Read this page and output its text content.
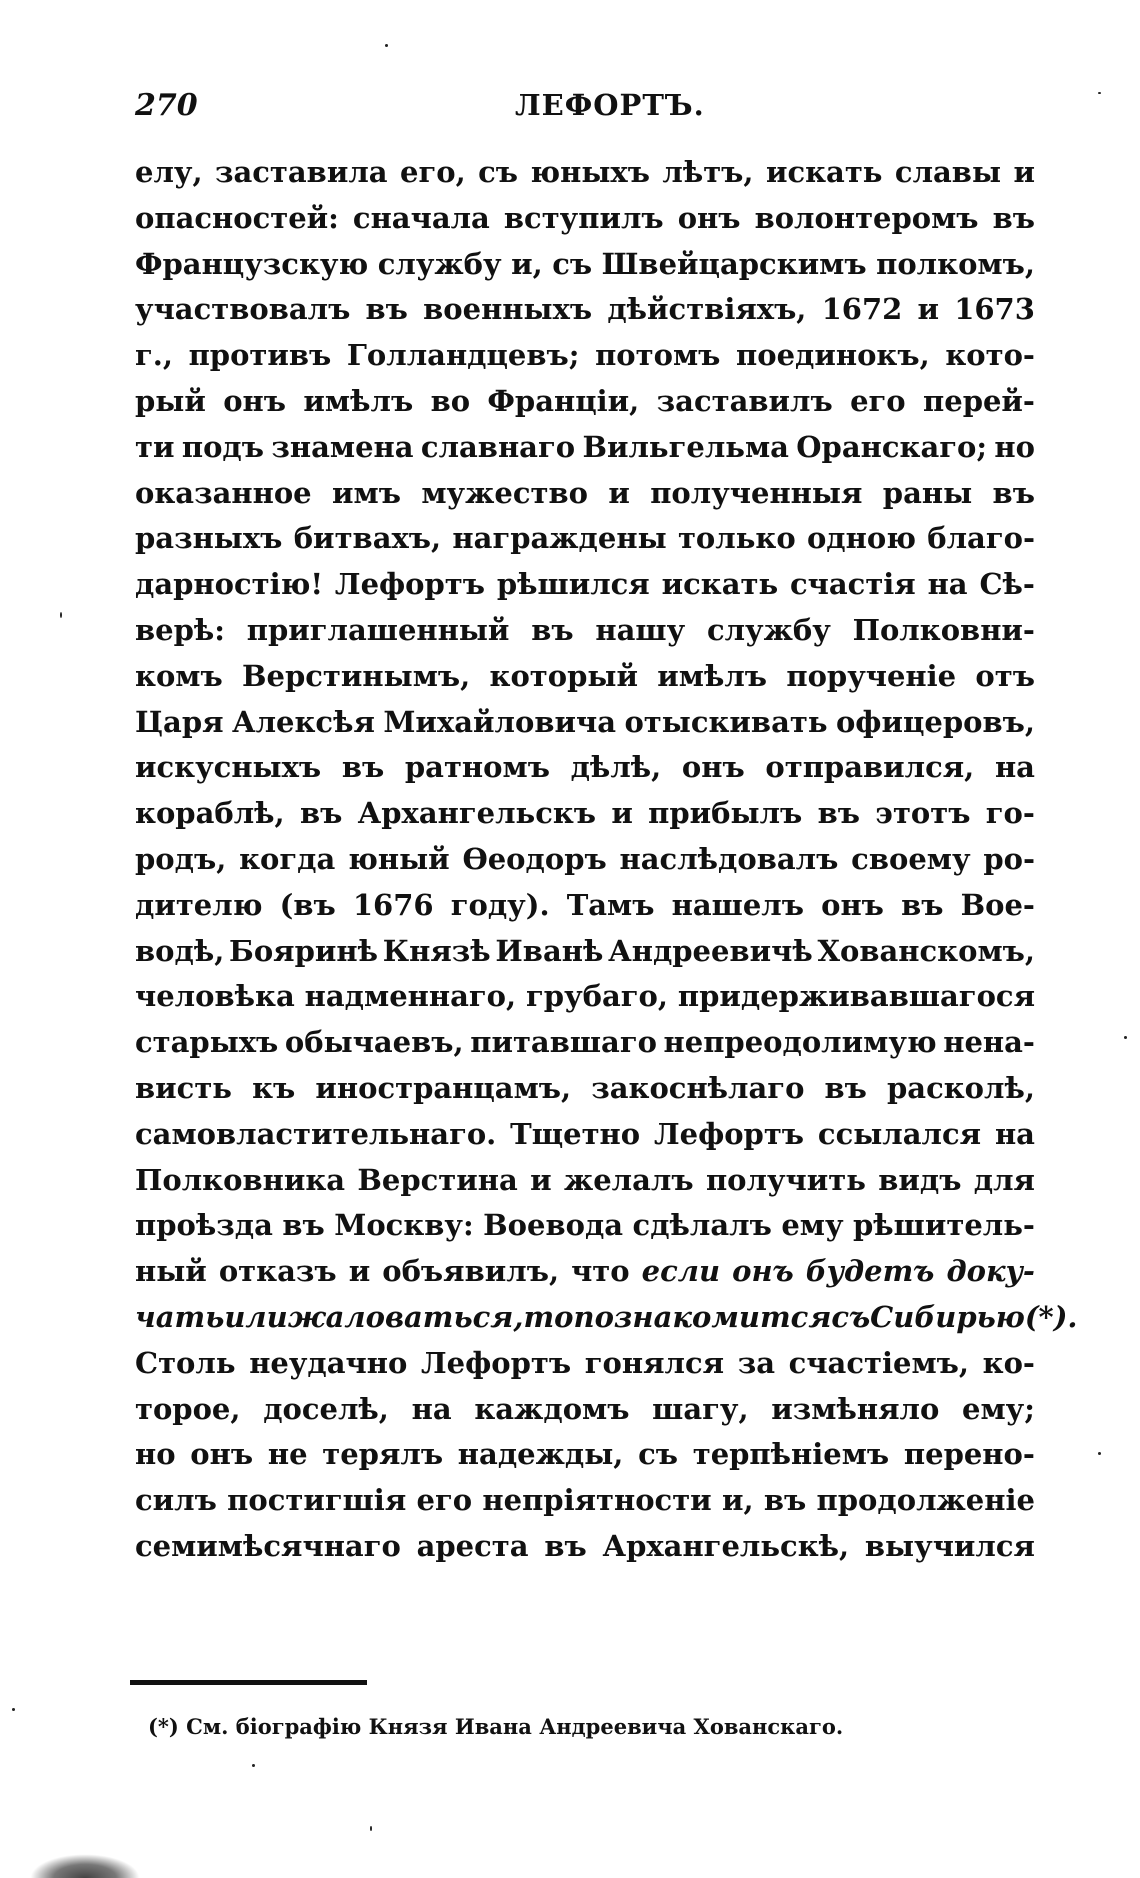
270	ЛЕФОРТЪ.
елу, заставила его, съ юныхъ лѣтъ, искать славы и
опасностей: сначала вступилъ онъ волонтеромъ въ
Французскую службу и, съ Швейцарскимъ полкомъ,
участвовалъ въ военныхъ дѣйствіяхъ, 1672 и 1673
г., противъ Голландцевъ; потомъ поединокъ, кото-
рый онъ имѣлъ во Франціи, заставилъ его перей-
ти подъ знамена славнаго Вильгельма Оранскаго; но
оказанное имъ мужество и полученныя раны въ
разныхъ битвахъ, награждены только одною благо-
дарностію! Лефортъ рѣшился искать счастія на Сѣ-
верѣ: приглашенный въ нашу службу Полковни-
комъ Верстинымъ, который имѣлъ порученіе отъ
Царя Алексѣя Михайловича отыскивать офицеровъ,
искусныхъ въ ратномъ дѣлѣ, онъ отправился, на
кораблѣ, въ Архангельскъ и прибылъ въ этотъ го-
родъ, когда юный Ѳеодоръ наслѣдовалъ своему ро-
дителю (въ 1676 году). Тамъ нашелъ онъ въ Вое-
водѣ, Бояринѣ Князѣ Иванѣ Андреевичѣ Хованскомъ,
человѣка надменнаго, грубаго, придерживавшагося
старыхъ обычаевъ, питавшаго непреодолимую нена-
висть къ иностранцамъ, закоснѣлаго въ расколѣ,
самовластительнаго. Тщетно Лефортъ ссылался на
Полковника Верстина и желалъ получить видъ для
проѣзда въ Москву: Воевода сдѣлалъ ему рѣшитель-
ный отказъ и объявилъ, что если онъ будетъ доку-
чать или жаловаться, то познакомится съ Сибирью (*).
Столь неудачно Лефортъ гонялся за счастіемъ, ко-
торое, доселѣ, на каждомъ шагу, измѣняло ему;
но онъ не терялъ надежды, съ терпѣніемъ перено-
силъ постигшія его непріятности и, въ продолженіе
семимѣсячнаго ареста въ Архангельскѣ, выучился
(*) См. біографію Князя Ивана Андреевича Хованскаго.
